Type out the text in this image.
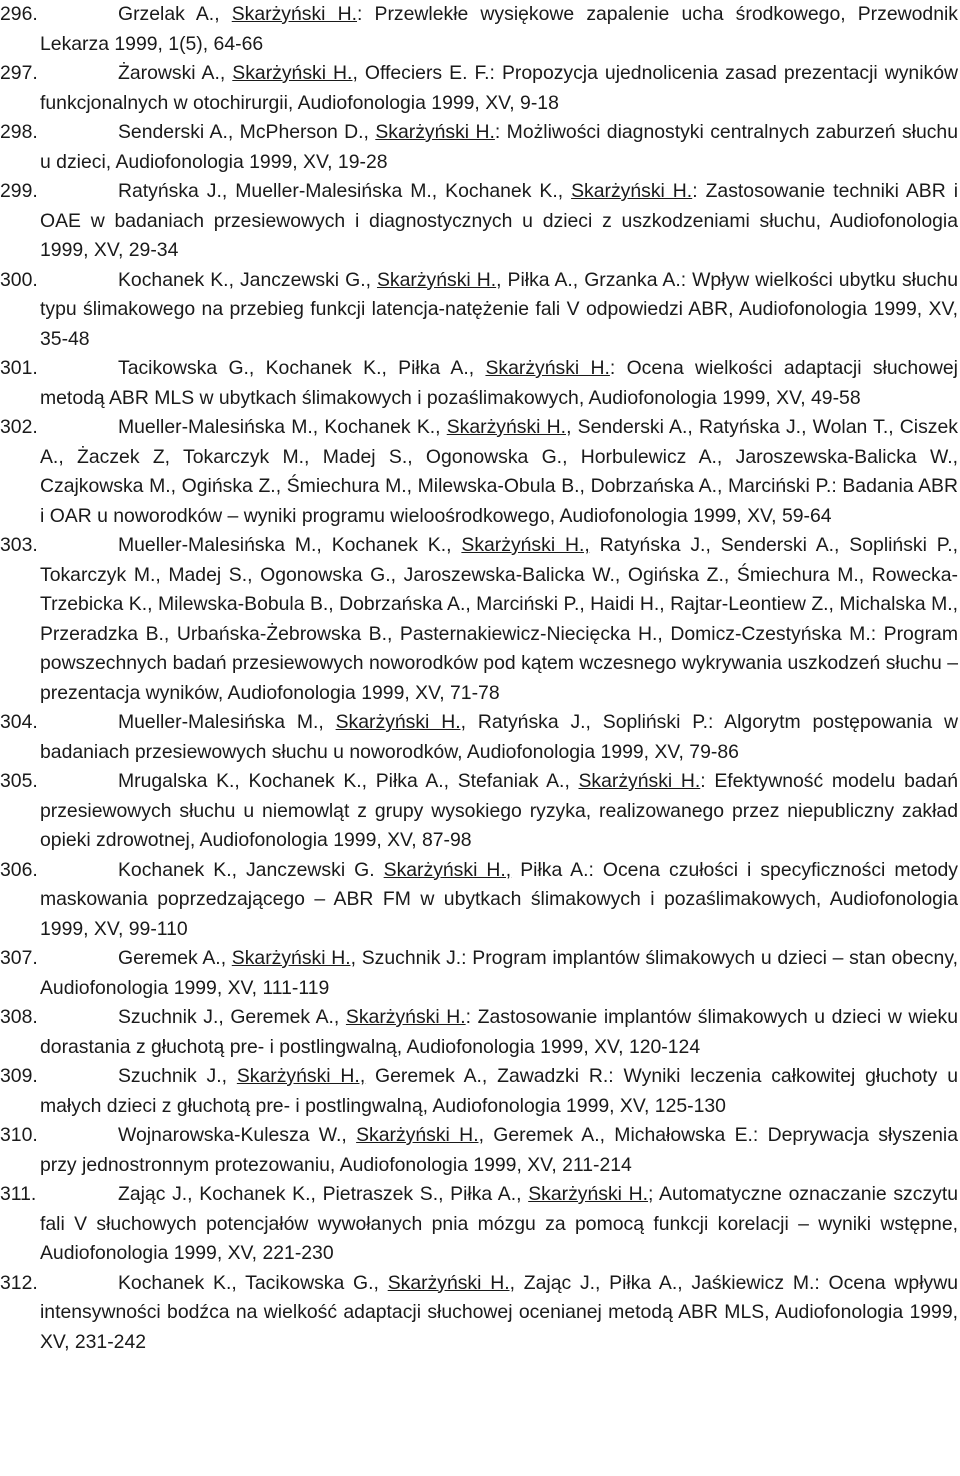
296.	Grzelak A., Skarżyński H.: Przewlekłe wysiękowe zapalenie ucha środkowego, Przewodnik Lekarza 1999, 1(5), 64-66
297.	Żarowski A., Skarżyński H., Offeciers E. F.: Propozycja ujednolicenia zasad prezentacji wyników funkcjonalnych w otochirurgii, Audiofonologia 1999, XV, 9-18
298.	Senderski A., McPherson D., Skarżyński H.: Możliwości diagnostyki centralnych zaburzeń słuchu u dzieci, Audiofonologia 1999, XV, 19-28
299.	Ratyńska J., Mueller-Malesińska M., Kochanek K., Skarżyński H.: Zastosowanie techniki ABR i OAE w badaniach przesiewowych i diagnostycznych u dzieci z uszkodzeniami słuchu, Audiofonologia 1999, XV, 29-34
300.	Kochanek K., Janczewski G., Skarżyński H., Piłka A., Grzanka A.: Wpływ wielkości ubytku słuchu typu ślimakowego na przebieg funkcji latencja-natężenie fali V odpowiedzi ABR, Audiofonologia 1999, XV, 35-48
301.	Tacikowska G., Kochanek K., Piłka A., Skarżyński H.: Ocena wielkości adaptacji słuchowej metodą ABR MLS w ubytkach ślimakowych i pozaślimakowych, Audiofonologia 1999, XV, 49-58
302.	Mueller-Malesińska M., Kochanek K., Skarżyński H., Senderski A., Ratyńska J., Wolan T., Ciszek A., Żaczek Z, Tokarczyk M., Madej S., Ogonowska G., Horbulewicz A., Jaroszewska-Balicka W., Czajkowska M., Ogińska Z., Śmiechura M., Milewska-Obula B., Dobrzańska A., Marciński P.: Badania ABR i OAR u noworodków – wyniki programu wieloośrodkowego, Audiofonologia 1999, XV, 59-64
303.	Mueller-Malesińska M., Kochanek K., Skarżyński H., Ratyńska J., Senderski A., Sopliński P., Tokarczyk M., Madej S., Ogonowska G., Jaroszewska-Balicka W., Ogińska Z., Śmiechura M., Rowecka-Trzebicka K., Milewska-Bobula B., Dobrzańska A., Marciński P., Haidi H., Rajtar-Leontiew Z., Michalska M., Przeradzka B., Urbańska-Żebrowska B., Pasternakiewicz-Niecięcka H., Domicz-Czestyńska M.: Program powszechnych badań przesiewowych noworodków pod kątem wczesnego wykrywania uszkodzeń słuchu – prezentacja wyników, Audiofonologia 1999, XV, 71-78
304.	Mueller-Malesińska M., Skarżyński H., Ratyńska J., Sopliński P.: Algorytm postępowania w badaniach przesiewowych słuchu u noworodków, Audiofonologia 1999, XV, 79-86
305.	Mrugalska K., Kochanek K., Piłka A., Stefaniak A., Skarżyński H.: Efektywność modelu badań przesiewowych słuchu u niemowląt z grupy wysokiego ryzyka, realizowanego przez niepubliczny zakład opieki zdrowotnej, Audiofonologia 1999, XV, 87-98
306.	Kochanek K., Janczewski G. Skarżyński H., Piłka A.: Ocena czułości i specyficzności metody maskowania poprzedzającego – ABR FM w ubytkach ślimakowych i pozaślimakowych, Audiofonologia 1999, XV, 99-110
307.	Geremek A., Skarżyński H., Szuchnik J.: Program implantów ślimakowych u dzieci – stan obecny, Audiofonologia 1999, XV, 111-119
308.	Szuchnik J., Geremek A., Skarżyński H.: Zastosowanie implantów ślimakowych u dzieci w wieku dorastania z głuchotą pre- i postlingwalną, Audiofonologia 1999, XV, 120-124
309.	Szuchnik J., Skarżyński H., Geremek A., Zawadzki R.: Wyniki leczenia całkowitej głuchoty u małych dzieci z głuchotą pre- i postlingwalną, Audiofonologia 1999, XV, 125-130
310.	Wojnarowska-Kulesza W., Skarżyński H., Geremek A., Michałowska E.: Deprywacja słyszenia przy jednostronnym protezowaniu, Audiofonologia 1999, XV, 211-214
311.	Zając J., Kochanek K., Pietraszek S., Piłka A., Skarżyński H.; Automatyczne oznaczanie szczytu fali V słuchowych potencjałów wywołanych pnia mózgu za pomocą funkcji korelacji – wyniki wstępne, Audiofonologia 1999, XV, 221-230
312.	Kochanek K., Tacikowska G., Skarżyński H., Zając J., Piłka A., Jaśkiewicz M.: Ocena wpływu intensywności bodźca na wielkość adaptacji słuchowej ocenianej metodą ABR MLS, Audiofonologia 1999, XV, 231-242
